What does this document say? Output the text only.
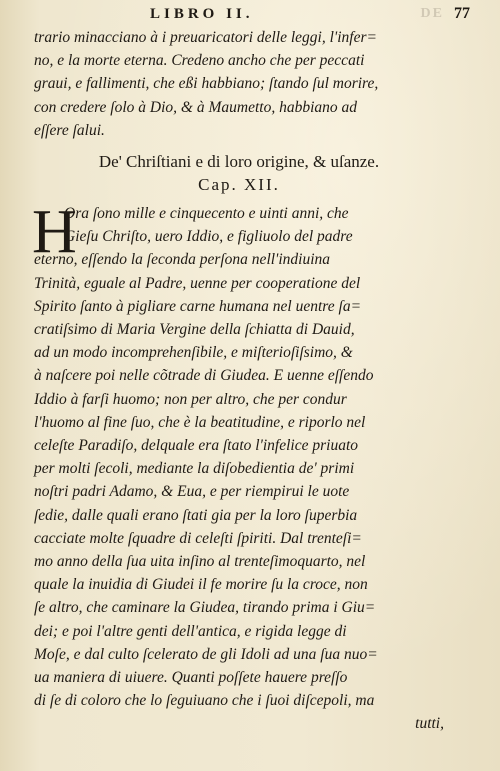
LIBRO II.	DE 77
trario minacciano à i preuaricatori delle leggi, l'infer=
no, e la morte eterna. Credeno ancho che per peccati
graui, e fallimenti, che eßi habbiano; ſtando ſul morire,
con credere ſolo à Dio, & à Maumetto, habbiano ad
eſſere ſalui.
De' Chriſtiani e di loro origine, & uſanze.
Cap. XII.
H
Ora ſono mille e cinquecento e uinti anni, che
Gieſu Chriſto, uero Iddio, e figliuolo del padre
eterno, eſſendo la ſeconda perſona nell'indiuina
Trinità, eguale al Padre, uenne per cooperatione del
Spirito ſanto à pigliare carne humana nel uentre ſa=
cratiſsimo di Maria Vergine della ſchiatta di Dauid,
ad un modo incomprehenſibile, e miſterioſiſsimo, &
à naſcere poi nelle cõtrade di Giudea. E uenne eſſendo
Iddio à farſi huomo; non per altro, che per condur
l'huomo al fine ſuo, che è la beatitudine, e riporlo nel
celeſte Paradiſo, delquale era ſtato l'infelice priuato
per molti ſecoli, mediante la diſobedientia de' primi
noſtri padri Adamo, & Eua, e per riempirui le uote
ſedie, dalle quali erano ſtati gia per la loro ſuperbia
cacciate molte ſquadre di celeſti ſpiriti. Dal trenteſi=
mo anno della ſua uita inſino al trenteſimoquarto, nel
quale la inuidia di Giudei il fe morire ſu la croce, non
ſe altro, che caminare la Giudea, tirando prima i Giu=
dei; e poi l'altre genti dell'antica, e rigida legge di
Moſe, e dal culto ſcelerato de gli Idoli ad una ſua nuo=
ua maniera di uiuere. Quanti poſſete hauere preſſo
di ſe di coloro che lo ſeguiuano che i ſuoi diſcepoli, ma
tutti,
